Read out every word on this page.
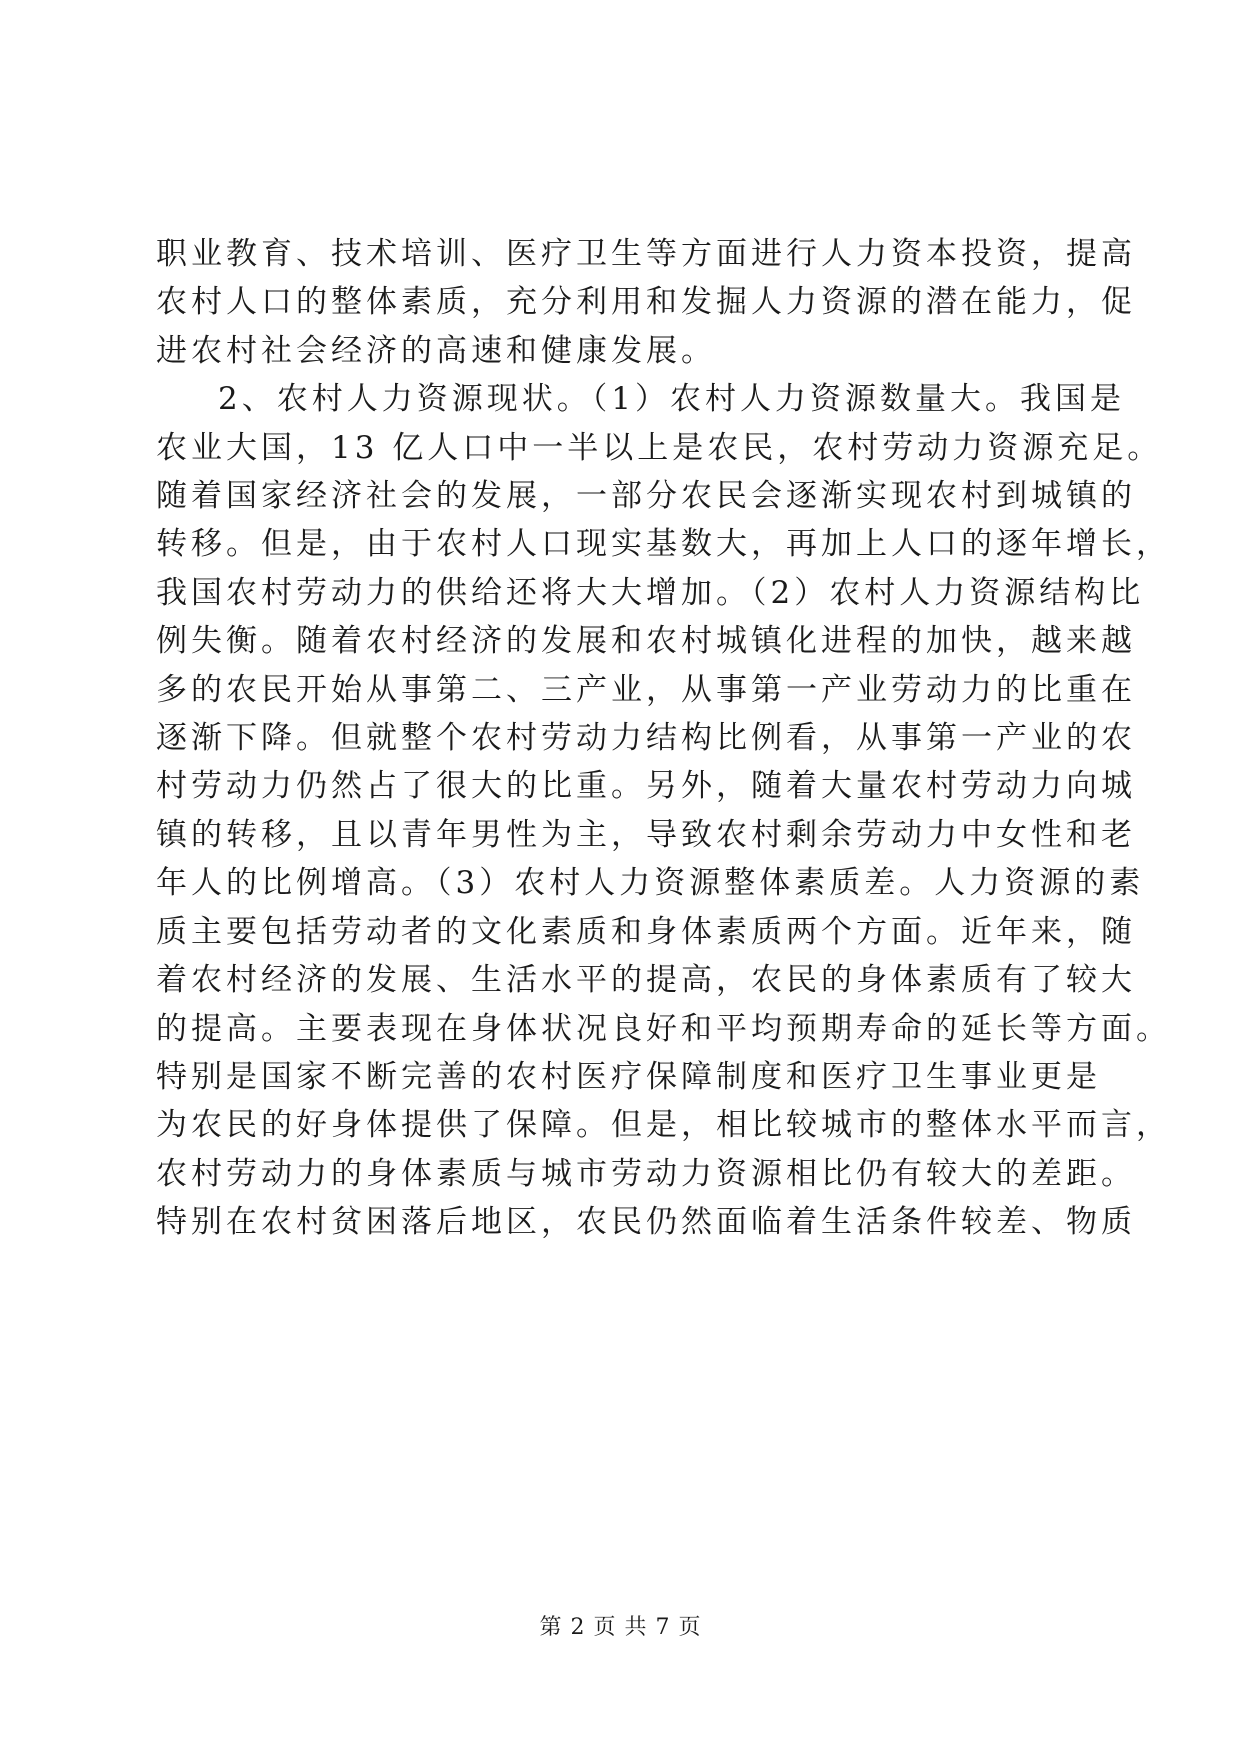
职业教育、技术培训、医疗卫生等方面进行人力资本投资，提高
农村人口的整体素质，充分利用和发掘人力资源的潜在能力，促
进农村社会经济的高速和健康发展。
2、农村人力资源现状。（1）农村人力资源数量大。我国是
农业大国，13 亿人口中一半以上是农民，农村劳动力资源充足。
随着国家经济社会的发展，一部分农民会逐渐实现农村到城镇的
转移。但是，由于农村人口现实基数大，再加上人口的逐年增长，
我国农村劳动力的供给还将大大增加。（2）农村人力资源结构比
例失衡。随着农村经济的发展和农村城镇化进程的加快，越来越
多的农民开始从事第二、三产业，从事第一产业劳动力的比重在
逐渐下降。但就整个农村劳动力结构比例看，从事第一产业的农
村劳动力仍然占了很大的比重。另外，随着大量农村劳动力向城
镇的转移，且以青年男性为主，导致农村剩余劳动力中女性和老
年人的比例增高。（3）农村人力资源整体素质差。人力资源的素
质主要包括劳动者的文化素质和身体素质两个方面。近年来，随
着农村经济的发展、生活水平的提高，农民的身体素质有了较大
的提高。主要表现在身体状况良好和平均预期寿命的延长等方面。
特别是国家不断完善的农村医疗保障制度和医疗卫生事业更是
为农民的好身体提供了保障。但是，相比较城市的整体水平而言，
农村劳动力的身体素质与城市劳动力资源相比仍有较大的差距。
特别在农村贫困落后地区，农民仍然面临着生活条件较差、物质
第 2 页 共 7 页
